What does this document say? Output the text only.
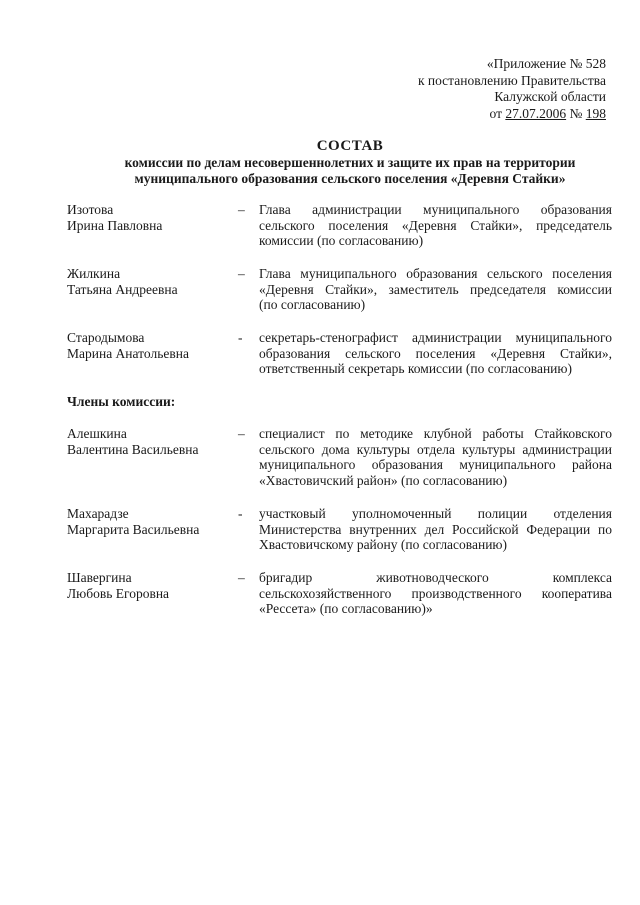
«Приложение № 528
к постановлению Правительства
Калужской области
от 27.07.2006 № 198
СОСТАВ
комиссии по делам несовершеннолетних и защите их прав на территории
муниципального образования сельского поселения «Деревня Стайки»
Изотова
Ирина Павловна
–	Глава администрации муниципального образования
сельского поселения «Деревня Стайки», председатель
комиссии (по согласованию)
Жилкина
Татьяна Андреевна
–	Глава муниципального образования сельского поселения
«Деревня Стайки», заместитель председателя комиссии
(по согласованию)
Стародымова
Марина Анатольевна
-	секретарь-стенографист администрации муниципального
образования сельского поселения «Деревня Стайки»,
ответственный секретарь комиссии (по согласованию)
Члены комиссии:
Алешкина
Валентина Васильевна
–	специалист по методике клубной работы Стайковского
сельского дома культуры отдела культуры администрации
муниципального образования муниципального района
«Хвастовичский район» (по согласованию)
Махарадзе
Маргарита Васильевна
-	участковый уполномоченный полиции отделения
Министерства внутренних дел Российской Федерации по
Хвастовичскому району (по согласованию)
Шавергина
Любовь Егоровна
–	бригадир животноводческого комплекса
сельскохозяйственного производственного кооператива
«Рессета» (по согласованию)»
